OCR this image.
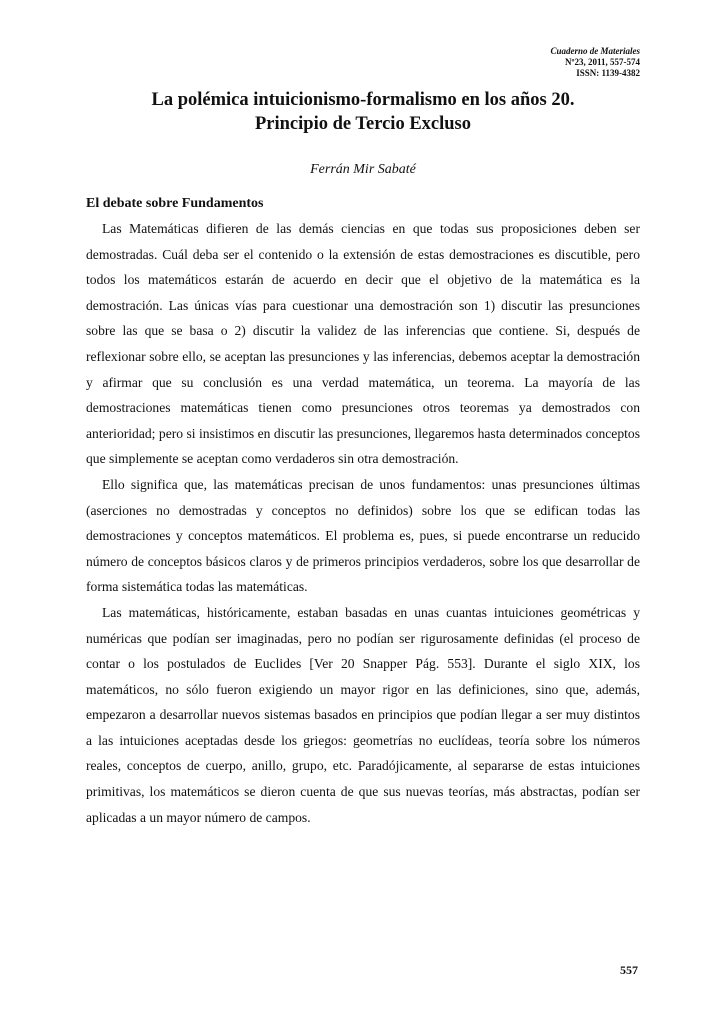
Cuaderno de Materiales
Nº23, 2011, 557-574
ISSN: 1139-4382
La polémica intuicionismo-formalismo en los años 20.
Principio de Tercio Excluso
Ferrán Mir Sabaté
El debate sobre Fundamentos

Las Matemáticas difieren de las demás ciencias en que todas sus proposiciones deben ser demostradas. Cuál deba ser el contenido o la extensión de estas demostraciones es discutible, pero todos los matemáticos estarán de acuerdo en decir que el objetivo de la matemática es la demostración. Las únicas vías para cuestionar una demostración son 1) discutir las presunciones sobre las que se basa o 2) discutir la validez de las inferencias que contiene. Si, después de reflexionar sobre ello, se aceptan las presunciones y las inferencias, debemos aceptar la demostración y afirmar que su conclusión es una verdad matemática, un teorema. La mayoría de las demostraciones matemáticas tienen como presunciones otros teoremas ya demostrados con anterioridad; pero si insistimos en discutir las presunciones, llegaremos hasta determinados conceptos que simplemente se aceptan como verdaderos sin otra demostración.

Ello significa que, las matemáticas precisan de unos fundamentos: unas presunciones últimas (aserciones no demostradas y conceptos no definidos) sobre los que se edifican todas las demostraciones y conceptos matemáticos. El problema es, pues, si puede encontrarse un reducido número de conceptos básicos claros y de primeros principios verdaderos, sobre los que desarrollar de forma sistemática todas las matemáticas.

Las matemáticas, históricamente, estaban basadas en unas cuantas intuiciones geométricas y numéricas que podían ser imaginadas, pero no podían ser rigurosamente definidas (el proceso de contar o los postulados de Euclides [Ver 20 Snapper Pág. 553]. Durante el siglo XIX, los matemáticos, no sólo fueron exigiendo un mayor rigor en las definiciones, sino que, además, empezaron a desarrollar nuevos sistemas basados en principios que podían llegar a ser muy distintos a las intuiciones aceptadas desde los griegos: geometrías no euclídeas, teoría sobre los números reales, conceptos de cuerpo, anillo, grupo, etc. Paradójicamente, al separarse de estas intuiciones primitivas, los matemáticos se dieron cuenta de que sus nuevas teorías, más abstractas, podían ser aplicadas a un mayor número de campos.

557
